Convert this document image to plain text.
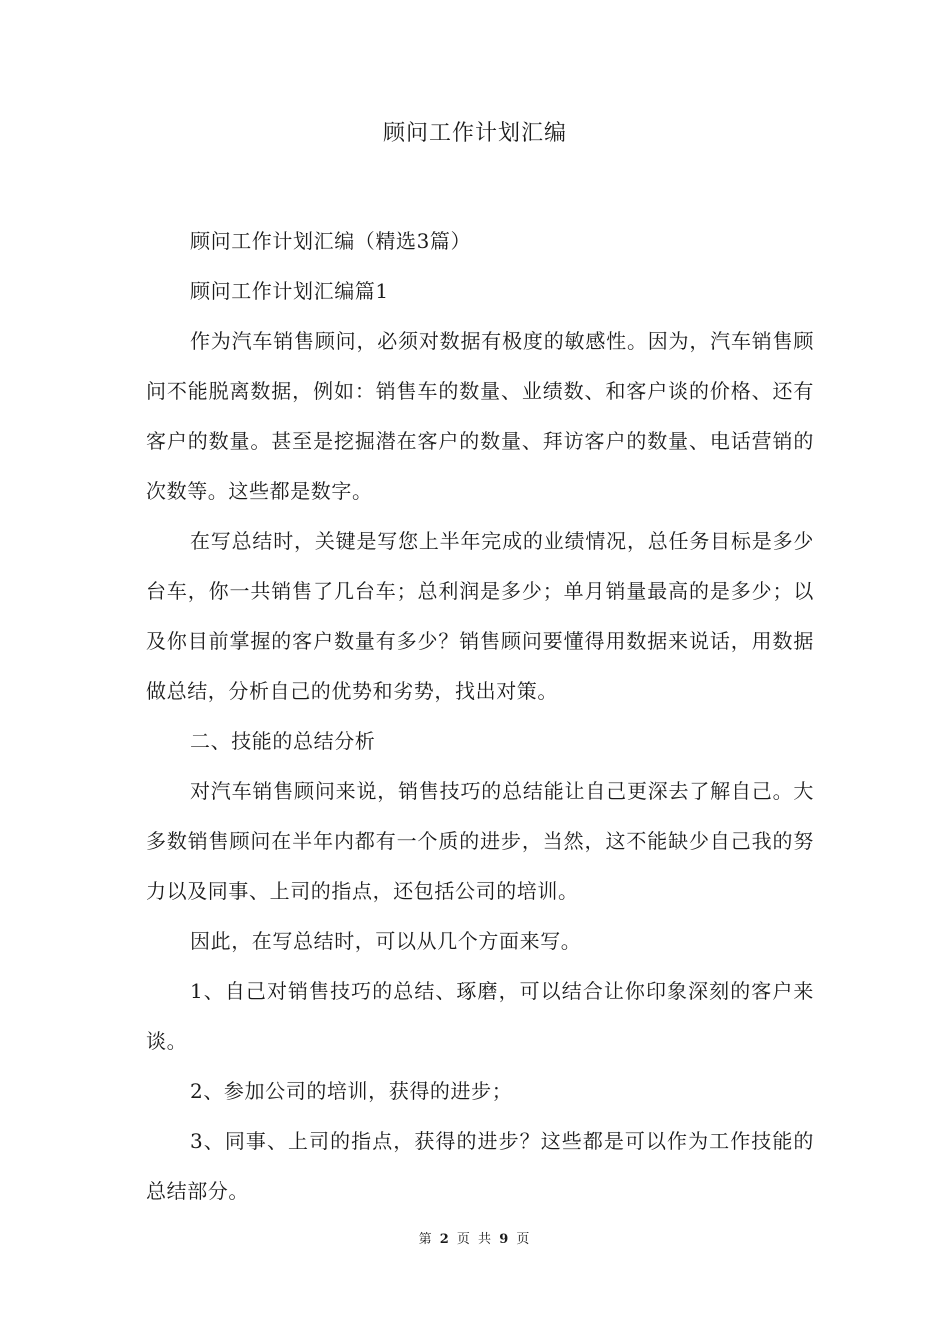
顾问工作计划汇编

顾问工作计划汇编（精选3篇）

顾问工作计划汇编篇1

作为汽车销售顾问，必须对数据有极度的敏感性。因为，汽车销售顾问不能脱离数据，例如：销售车的数量、业绩数、和客户谈的价格、还有客户的数量。甚至是挖掘潜在客户的数量、拜访客户的数量、电话营销的次数等。这些都是数字。

在写总结时，关键是写您上半年完成的业绩情况，总任务目标是多少台车，你一共销售了几台车；总利润是多少；单月销量最高的是多少；以及你目前掌握的客户数量有多少？销售顾问要懂得用数据来说话，用数据做总结，分析自己的优势和劣势，找出对策。

二、技能的总结分析

对汽车销售顾问来说，销售技巧的总结能让自己更深去了解自己。大多数销售顾问在半年内都有一个质的进步，当然，这不能缺少自己我的努力以及同事、上司的指点，还包括公司的培训。

因此，在写总结时，可以从几个方面来写。

1、自己对销售技巧的总结、琢磨，可以结合让你印象深刻的客户来谈。

2、参加公司的培训，获得的进步；

3、同事、上司的指点，获得的进步？这些都是可以作为工作技能的总结部分。

第 2 页 共 9 页
